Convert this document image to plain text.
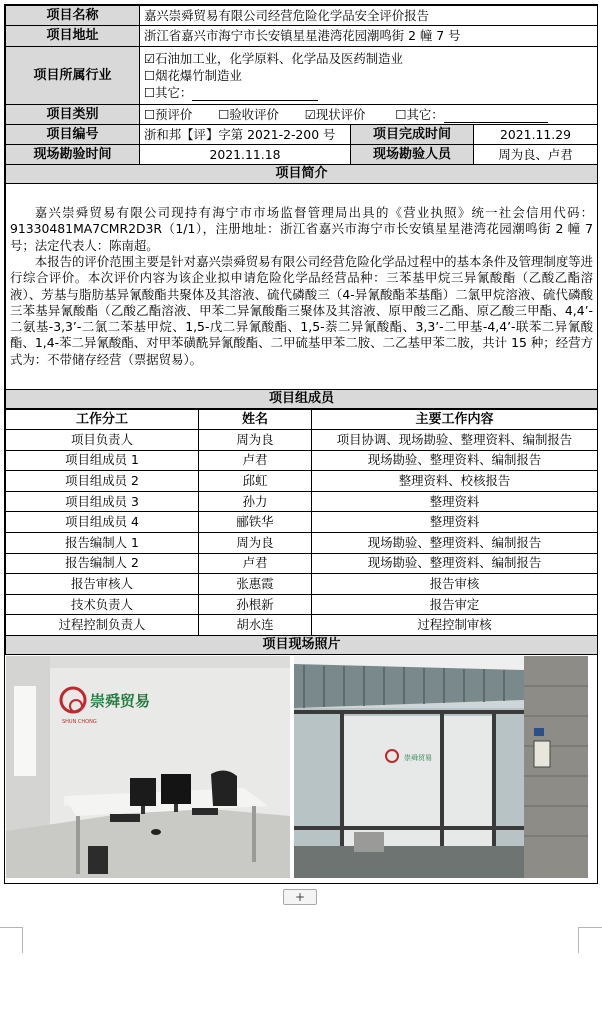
项目名称	嘉兴崇舜贸易有限公司经营危险化学品安全评价报告		
项目地址	浙江省嘉兴市海宁市长安镇星星港湾花园潮鸣街 2 幢 7 号		
项目所属行业	☑石油加工业，化学原料、化学品及医药制造业
☐烟花爆竹制造业
☐其它：		

项目类别	☐预评价 ☐验收评价 ☑现状评价 ☐其它：		
项目编号	浙和邦【评】字第 2021-2-200 号	项目完成时间	2021.11.29
现场勘验时间	2021.11.18	现场勘验人员	周为良、卢君
项目简介			

嘉兴崇舜贸易有限公司现持有海宁市市场监督管理局出具的《营业执照》统一社会信用代码：91330481MA7CMR2D3R（1/1），注册地址：浙江省嘉兴市海宁市长安镇星星港湾花园潮鸣街 2 幢 7 号；法定代表人：陈南超。

本报告的评价范围主要是针对嘉兴崇舜贸易有限公司经营危险化学品过程中的基本条件及管理制度等进行综合评价。本次评价内容为该企业拟申请危险化学品经营品种：三苯基甲烷三异氰酸酯（乙酸乙酯溶液）、芳基与脂肪基异氰酸酯共聚体及其溶液、硫代磷酸三（4-异氰酸酯苯基酯）二氯甲烷溶液、硫代磷酸三苯基异氰酸酯（乙酸乙酯溶液、甲苯二异氰酸酯三聚体及其溶液、原甲酸三乙酯、原乙酸三甲酯、4,4’-二氨基-3,3’-二氯二苯基甲烷、1,5-戊二异氰酸酯、1,5-萘二异氰酸酯、3,3’-二甲基-4,4’-联苯二异氰酸酯、1,4-苯二异氰酸酯、对甲苯磺酰异氰酸酯、二甲硫基甲苯二胺、二乙基甲苯二胺，共计 15 种；经营方式为：不带储存经营（票据贸易）。			

项目组成员			
工作分工	姓名	主要工作内容
项目负责人	周为良	项目协调、现场勘验、整理资料、编制报告
项目组成员 1	卢君	现场勘验、整理资料、编制报告
项目组成员 2	邱虹	整理资料、校核报告
项目组成员 3	孙力	整理资料
项目组成员 4	郦铁华	整理资料
报告编制人 1	周为良	现场勘验、整理资料、编制报告
报告编制人 2	卢君	现场勘验、整理资料、编制报告
报告审核人	张惠霞	报告审核
技术负责人	孙根新	报告审定
过程控制负责人	胡水连	过程控制审核
项目现场照片		
SHUN CHONG
崇舜贸易
崇舜贸易
+
